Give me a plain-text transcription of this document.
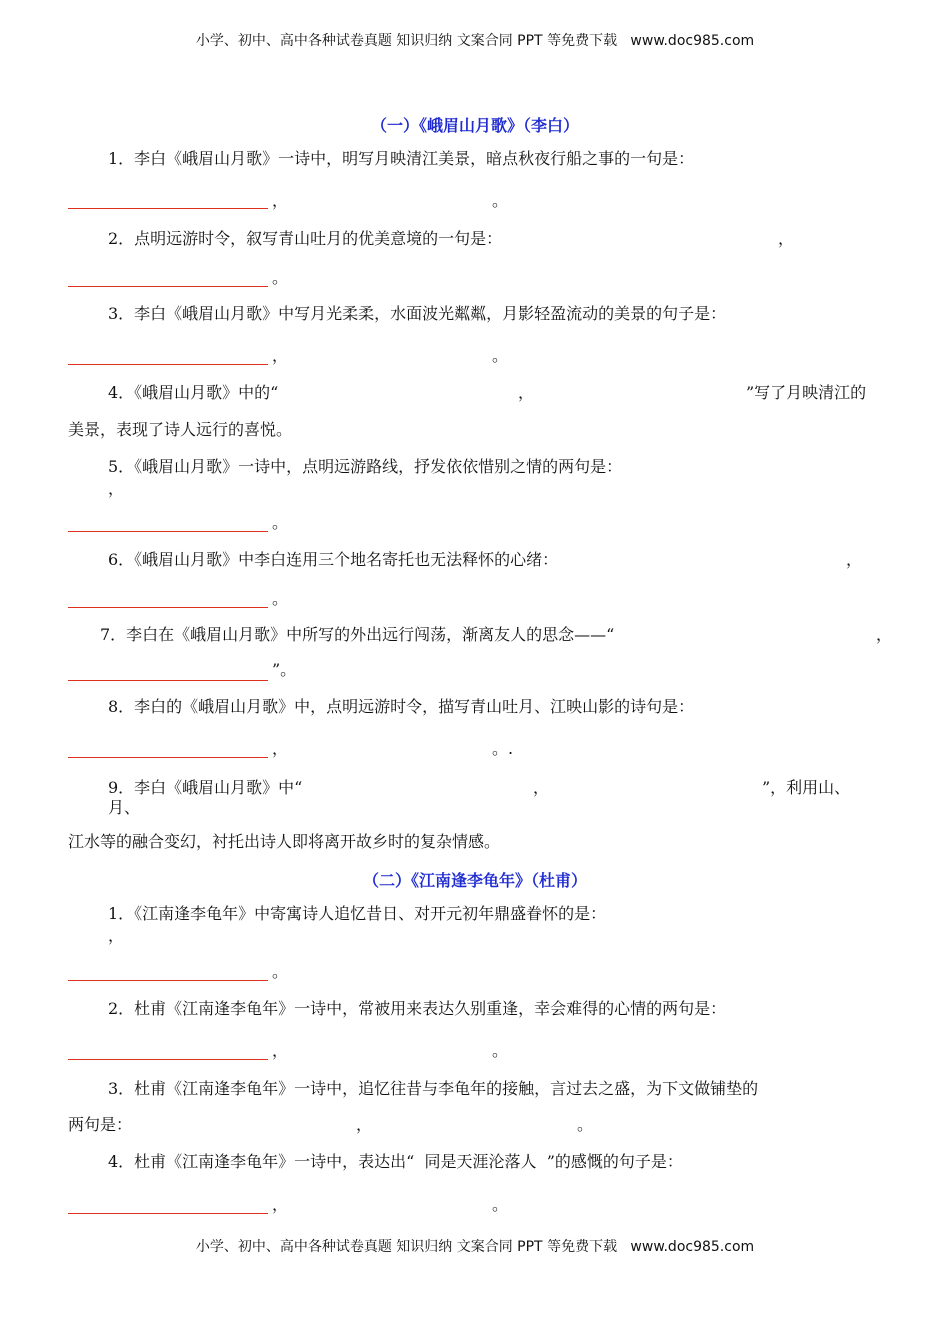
小学、初中、高中各种试卷真题 知识归纳 文案合同 PPT 等免费下载   www.doc985.com
（一）《峨眉山月歌》（李白）
1．李白《峨眉山月歌》一诗中，明写月映清江美景，暗点秋夜行船之事的一句是：
，	。
2．点明远游时令，叙写青山吐月的优美意境的一句是：	，
。
3．李白《峨眉山月歌》中写月光柔柔，水面波光粼粼，月影轻盈流动的美景的句子是：
，	。
4．《峨眉山月歌》中的“	，	”写了月映清江的
美景，表现了诗人远行的喜悦。
5．《峨眉山月歌》一诗中，点明远游路线，抒发依依惜别之情的两句是：
，
。
6．《峨眉山月歌》中李白连用三个地名寄托也无法释怀的心绪：	，
。
7．李白在《峨眉山月歌》中所写的外出远行闯荡，渐离友人的思念——“	，
”。
8．李白的《峨眉山月歌》中，点明远游时令，描写青山吐月、江映山影的诗句是：
，	。.
9．李白《峨眉山月歌》中“	，	”，利用山、
月、
江水等的融合变幻，衬托出诗人即将离开故乡时的复杂情感。
（二）《江南逢李龟年》（杜甫）
1．《江南逢李龟年》中寄寓诗人追忆昔日、对开元初年鼎盛眷怀的是：
，
。
2．杜甫《江南逢李龟年》一诗中，常被用来表达久别重逢，幸会难得的心情的两句是：
，	。
3．杜甫《江南逢李龟年》一诗中，追忆往昔与李龟年的接触，言过去之盛，为下文做铺垫的
两句是：	，	。
4．杜甫《江南逢李龟年》一诗中，表达出“  同是天涯沦落人  ”的感慨的句子是：
，	。
小学、初中、高中各种试卷真题 知识归纳 文案合同 PPT 等免费下载   www.doc985.com
